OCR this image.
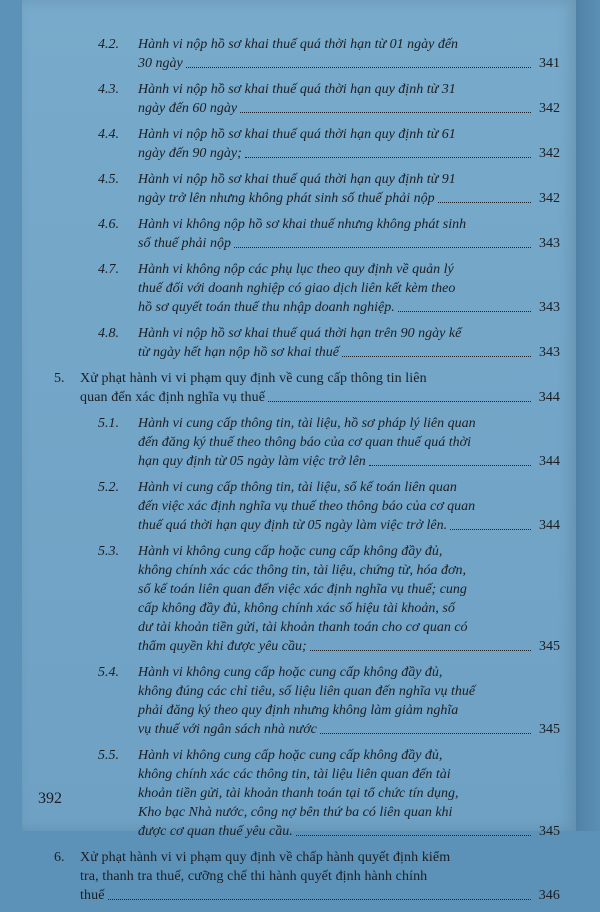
4.2. Hành vi nộp hồ sơ khai thuế quá thời hạn từ 01 ngày đến
30 ngày	341
4.3. Hành vi nộp hồ sơ khai thuế quá thời hạn quy định từ 31
ngày đến 60 ngày	342
4.4. Hành vi nộp hồ sơ khai thuế quá thời hạn quy định từ 61
ngày đến 90 ngày;	342
4.5. Hành vi nộp hồ sơ khai thuế quá thời hạn quy định từ 91
ngày trở lên nhưng không phát sinh số thuế phải nộp	342
4.6. Hành vi không nộp hồ sơ khai thuế nhưng không phát sinh
số thuế phải nộp	343
4.7. Hành vi không nộp các phụ lục theo quy định về quản lý
thuế đối với doanh nghiệp có giao dịch liên kết kèm theo
hồ sơ quyết toán thuế thu nhập doanh nghiệp.	343
4.8. Hành vi nộp hồ sơ khai thuế quá thời hạn trên 90 ngày kể
từ ngày hết hạn nộp hồ sơ khai thuế	343
5. Xử phạt hành vi vi phạm quy định về cung cấp thông tin liên
quan đến xác định nghĩa vụ thuế	344
5.1. Hành vi cung cấp thông tin, tài liệu, hồ sơ pháp lý liên quan
đến đăng ký thuế theo thông báo của cơ quan thuế quá thời
hạn quy định từ 05 ngày làm việc trở lên	344
5.2. Hành vi cung cấp thông tin, tài liệu, sổ kế toán liên quan
đến việc xác định nghĩa vụ thuế theo thông báo của cơ quan
thuế quá thời hạn quy định từ 05 ngày làm việc trở lên.	344
5.3. Hành vi không cung cấp hoặc cung cấp không đầy đủ,
không chính xác các thông tin, tài liệu, chứng từ, hóa đơn,
sổ kế toán liên quan đến việc xác định nghĩa vụ thuế; cung
cấp không đầy đủ, không chính xác số hiệu tài khoản, số
dư tài khoản tiền gửi, tài khoản thanh toán cho cơ quan có
thẩm quyền khi được yêu cầu;	345
5.4. Hành vi không cung cấp hoặc cung cấp không đầy đủ,
không đúng các chỉ tiêu, số liệu liên quan đến nghĩa vụ thuế
phải đăng ký theo quy định nhưng không làm giảm nghĩa
vụ thuế với ngân sách nhà nước	345
5.5. Hành vi không cung cấp hoặc cung cấp không đầy đủ,
không chính xác các thông tin, tài liệu liên quan đến tài
khoản tiền gửi, tài khoản thanh toán tại tổ chức tín dụng,
Kho bạc Nhà nước, công nợ bên thứ ba có liên quan khi
được cơ quan thuế yêu cầu.	345
6. Xử phạt hành vi vi phạm quy định về chấp hành quyết định kiểm
tra, thanh tra thuế, cưỡng chế thi hành quyết định hành chính
thuế	346
392
